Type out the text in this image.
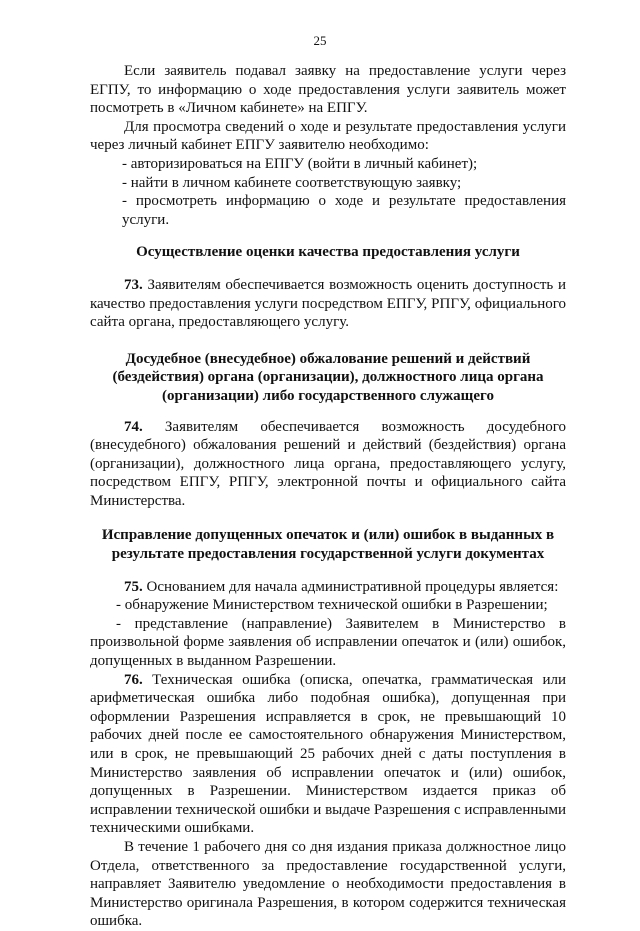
25

Если заявитель подавал заявку на предоставление услуги через ЕГПУ, то информацию о ходе предоставления услуги заявитель может посмотреть в «Личном кабинете» на ЕПГУ.

Для просмотра сведений о ходе и результате предоставления услуги через личный кабинет ЕПГУ заявителю необходимо:

- авторизироваться на ЕПГУ (войти в личный кабинет);

- найти в личном кабинете соответствующую заявку;

- просмотреть информацию о ходе и результате предоставления услуги.

Осуществление оценки качества предоставления услуги

73. Заявителям обеспечивается возможность оценить доступность и качество предоставления услуги посредством ЕПГУ, РПГУ, официального сайта органа, предоставляющего услугу.

Досудебное (внесудебное) обжалование решений и действий (бездействия) органа (организации), должностного лица органа (организации) либо государственного служащего

74. Заявителям обеспечивается возможность досудебного (внесудебного) обжалования решений и действий (бездействия) органа (организации), должностного лица органа, предоставляющего услугу, посредством ЕПГУ, РПГУ, электронной почты и официального сайта Министерства.

Исправление допущенных опечаток и (или) ошибок в выданных в результате предоставления государственной услуги документах

75. Основанием для начала административной процедуры является:

- обнаружение Министерством технической ошибки в Разрешении;

- представление (направление) Заявителем в Министерство в произвольной форме заявления об исправлении опечаток и (или) ошибок, допущенных в выданном Разрешении.

76. Техническая ошибка (описка, опечатка, грамматическая или арифметическая ошибка либо подобная ошибка), допущенная при оформлении Разрешения исправляется в срок, не превышающий 10 рабочих дней после ее самостоятельного обнаружения Министерством, или в срок, не превышающий 25 рабочих дней с даты поступления в Министерство заявления об исправлении опечаток и (или) ошибок, допущенных в Разрешении. Министерством издается приказ об исправлении технической ошибки и выдаче Разрешения с исправленными техническими ошибками.

В течение 1 рабочего дня со дня издания приказа должностное лицо Отдела, ответственного за предоставление государственной услуги, направляет Заявителю уведомление о необходимости предоставления в Министерство оригинала Разрешения, в котором содержится техническая ошибка.
